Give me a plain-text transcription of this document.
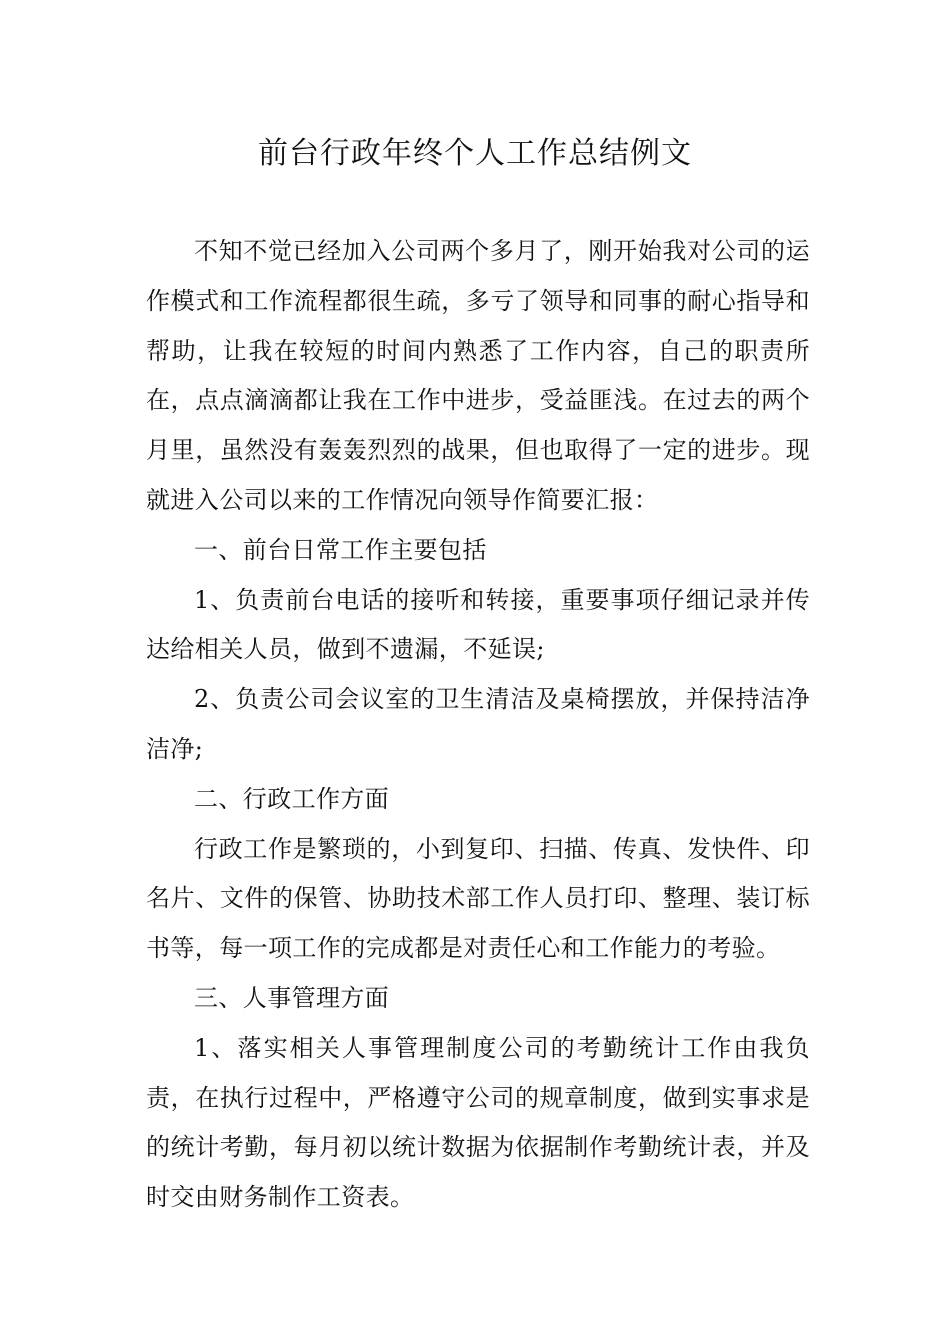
前台行政年终个人工作总结例文

不知不觉已经加入公司两个多月了，刚开始我对公司的运作模式和工作流程都很生疏，多亏了领导和同事的耐心指导和帮助，让我在较短的时间内熟悉了工作内容，自己的职责所在，点点滴滴都让我在工作中进步，受益匪浅。在过去的两个月里，虽然没有轰轰烈烈的战果，但也取得了一定的进步。现就进入公司以来的工作情况向领导作简要汇报：

一、前台日常工作主要包括

1、负责前台电话的接听和转接，重要事项仔细记录并传达给相关人员，做到不遗漏，不延误;

2、负责公司会议室的卫生清洁及桌椅摆放，并保持洁净洁净;

二、行政工作方面

行政工作是繁琐的，小到复印、扫描、传真、发快件、印名片、文件的保管、协助技术部工作人员打印、整理、装订标书等，每一项工作的完成都是对责任心和工作能力的考验。

三、人事管理方面

1、落实相关人事管理制度公司的考勤统计工作由我负责，在执行过程中，严格遵守公司的规章制度，做到实事求是的统计考勤，每月初以统计数据为依据制作考勤统计表，并及时交由财务制作工资表。
